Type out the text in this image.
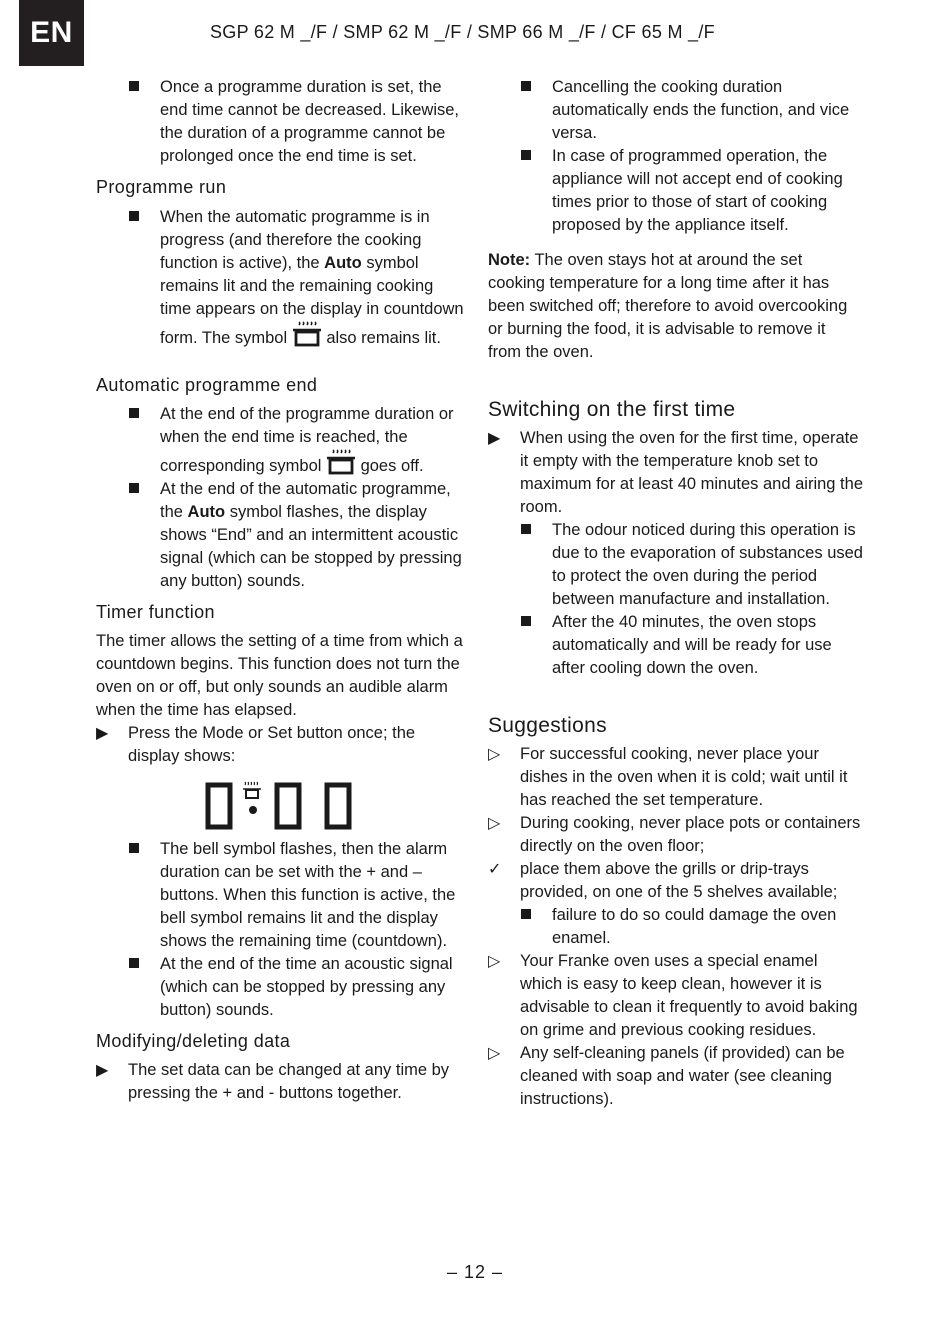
EN	SGP 62 M _/F / SMP 62 M _/F / SMP 66 M _/F / CF 65 M _/F
Once a programme duration is set, the end time cannot be decreased. Likewise, the duration of a programme cannot be prolonged once the end time is set.
Programme run
When the automatic programme is in progress (and therefore the cooking function is active), the Auto symbol remains lit and the remaining cooking time appears on the display in countdown form. The symbol  also remains lit.
Automatic programme end
At the end of the programme duration or when the end time is reached, the corresponding symbol  goes off.
At the end of the automatic programme, the Auto symbol flashes, the display shows “End” and an intermittent acoustic signal (which can be stopped by pressing any button) sounds.
Timer function

The timer allows the setting of a time from which a countdown begins. This function does not turn the oven on or off, but only sounds an audible alarm when the time has elapsed.

▶ Press the Mode or Set button once; the display shows:
The bell symbol flashes, then the alarm duration can be set with the + and – buttons. When this function is active, the bell symbol remains lit and the display shows the remaining time (countdown).
At the end of the time an acoustic signal (which can be stopped by pressing any button) sounds.
Modifying/deleting data
▶ The set data can be changed at any time by pressing the + and - buttons together.
Cancelling the cooking duration automatically ends the function, and vice versa.
In case of programmed operation, the appliance will not accept end of cooking times prior to those of start of cooking proposed by the appliance itself.

Note: The oven stays hot at around the set cooking temperature for a long time after it has been switched off; therefore to avoid overcooking or burning the food, it is advisable to remove it from the oven.

Switching on the first time
▶ When using the oven for the first time, operate it empty with the temperature knob set to maximum for at least 40 minutes and airing the room.
The odour noticed during this operation is due to the evaporation of substances used to protect the oven during the period between manufacture and installation.
After the 40 minutes, the oven stops automatically and will be ready for use after cooling down the oven.
Suggestions
▷ For successful cooking, never place your dishes in the oven when it is cold; wait until it has reached the set temperature.
▷ During cooking, never place pots or containers directly on the oven floor;
✓ place them above the grills or drip-trays provided, on one of the 5 shelves available;
failure to do so could damage the oven enamel.
▷ Your Franke oven uses a special enamel which is easy to keep clean, however it is advisable to clean it frequently to avoid baking on grime and previous cooking residues.
▷ Any self-cleaning panels (if provided) can be cleaned with soap and water (see cleaning instructions).
– 12 –
